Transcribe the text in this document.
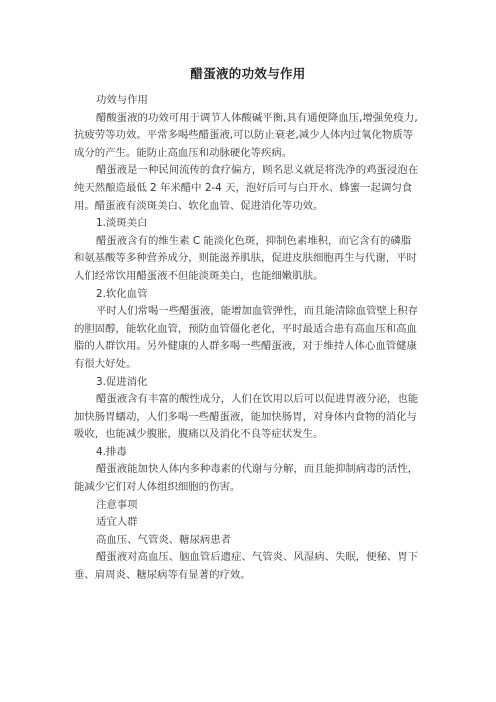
醋蛋液的功效与作用

功效与作用

醋酸蛋液的功效可用于调节人体酸碱平衡,具有通便降血压,增强免疫力,抗疲劳等功效。平常多喝些醋蛋液,可以防止衰老,减少人体内过氧化物质等成分的产生。能防止高血压和动脉硬化等疾病。

醋蛋液是一种民间流传的食疗偏方，顾名思义就是将洗净的鸡蛋浸泡在纯天然酿造最低 2 年米醋中 2-4 天，泡好后可与白开水、蜂蜜一起调匀食用。醋蛋液有淡斑美白、软化血管、促进消化等功效。

1.淡斑美白

醋蛋液含有的维生素 C 能淡化色斑，抑制色素堆积，而它含有的磷脂和氨基酸等多种营养成分，则能滋养肌肤，促进皮肤细胞再生与代谢，平时人们经常饮用醋蛋液不但能淡斑美白，也能细嫩肌肤。

2.软化血管

平时人们常喝一些醋蛋液，能增加血管弹性，而且能清除血管壁上积存的胆固醇，能软化血管，预防血管僵化老化，平时最适合患有高血压和高血脂的人群饮用。另外健康的人群多喝一些醋蛋液，对于维持人体心血管健康有很大好处。

3.促进消化

醋蛋液含有丰富的酸性成分，人们在饮用以后可以促进胃液分泌，也能加快肠胃蠕动，人们多喝一些醋蛋液，能加快肠胃，对身体内食物的消化与吸收，也能减少腹胀，腹痛以及消化不良等症状发生。

4.排毒

醋蛋液能加快人体内多种毒素的代谢与分解，而且能抑制病毒的活性，能减少它们对人体组织细胞的伤害。

注意事项

适宜人群

高血压、气管炎、糖尿病患者

醋蛋液对高血压、脑血管后遗症、气管炎、风湿病、失眠，便秘、胃下垂、肩周炎、糖尿病等有显著的疗效。
